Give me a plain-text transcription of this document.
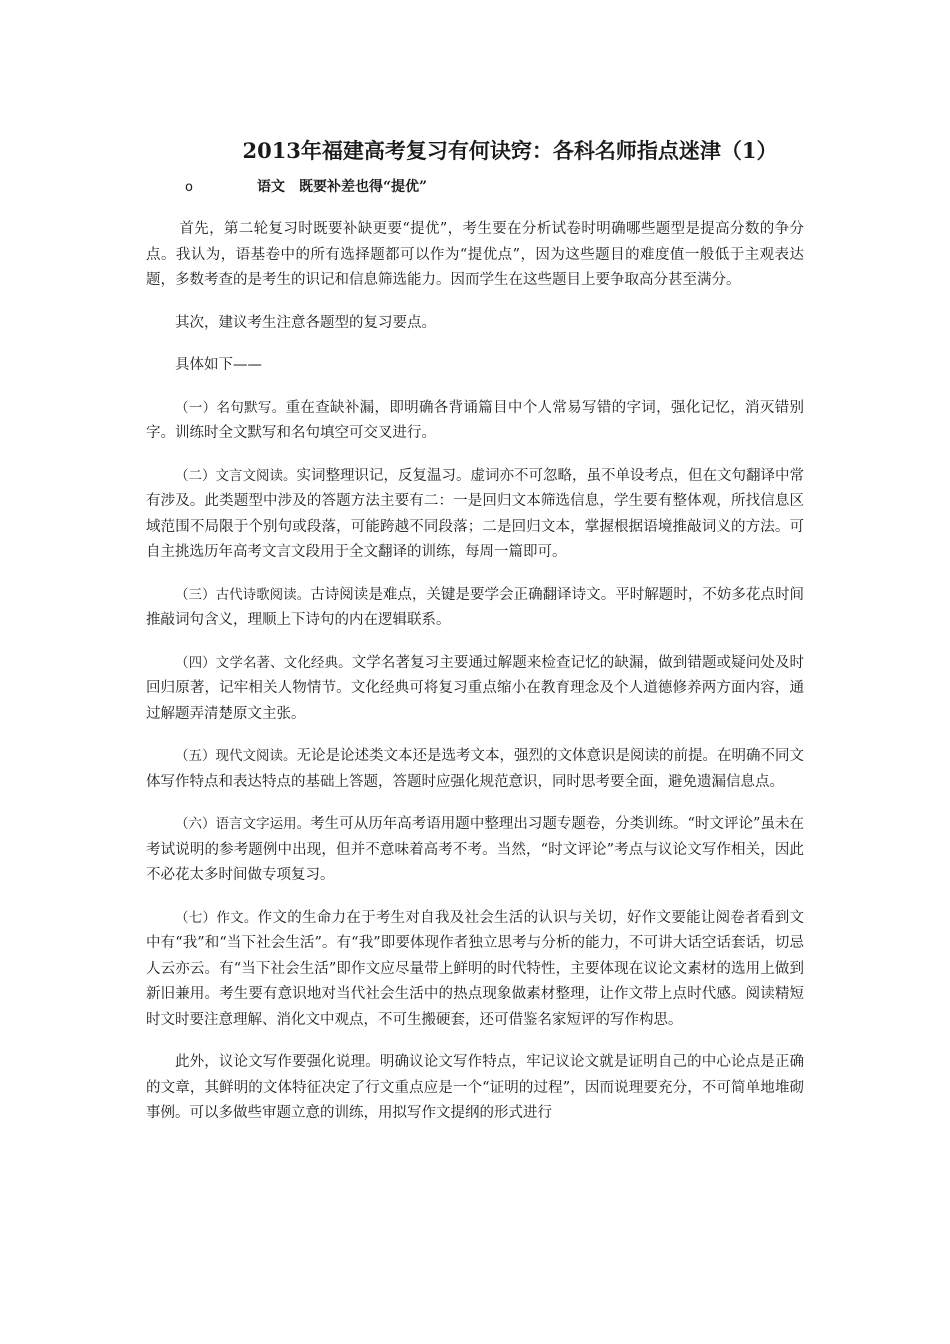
2013年福建高考复习有何诀窍：各科名师指点迷津（1）
o	语文　既要补差也得“提优”

首先，第二轮复习时既要补缺更要“提优”，考生要在分析试卷时明确哪些题型是提高分数的争分点。我认为，语基卷中的所有选择题都可以作为“提优点”，因为这些题目的难度值一般低于主观表达题，多数考查的是考生的识记和信息筛选能力。因而学生在这些题目上要争取高分甚至满分。

其次，建议考生注意各题型的复习要点。

具体如下——

（一）名句默写。重在查缺补漏，即明确各背诵篇目中个人常易写错的字词，强化记忆，消灭错别字。训练时全文默写和名句填空可交叉进行。

（二）文言文阅读。实词整理识记，反复温习。虚词亦不可忽略，虽不单设考点，但在文句翻译中常有涉及。此类题型中涉及的答题方法主要有二：一是回归文本筛选信息，学生要有整体观，所找信息区域范围不局限于个别句或段落，可能跨越不同段落；二是回归文本，掌握根据语境推敲词义的方法。可自主挑选历年高考文言文段用于全文翻译的训练，每周一篇即可。

（三）古代诗歌阅读。古诗阅读是难点，关键是要学会正确翻译诗文。平时解题时，不妨多花点时间推敲词句含义，理顺上下诗句的内在逻辑联系。

（四）文学名著、文化经典。文学名著复习主要通过解题来检查记忆的缺漏，做到错题或疑问处及时回归原著，记牢相关人物情节。文化经典可将复习重点缩小在教育理念及个人道德修养两方面内容，通过解题弄清楚原文主张。

（五）现代文阅读。无论是论述类文本还是选考文本，强烈的文体意识是阅读的前提。在明确不同文体写作特点和表达特点的基础上答题，答题时应强化规范意识，同时思考要全面，避免遗漏信息点。

（六）语言文字运用。考生可从历年高考语用题中整理出习题专题卷，分类训练。“时文评论”虽未在考试说明的参考题例中出现，但并不意味着高考不考。当然，“时文评论”考点与议论文写作相关，因此不必花太多时间做专项复习。

（七）作文。作文的生命力在于考生对自我及社会生活的认识与关切，好作文要能让阅卷者看到文中有“我”和“当下社会生活”。有“我”即要体现作者独立思考与分析的能力，不可讲大话空话套话，切忌人云亦云。有“当下社会生活”即作文应尽量带上鲜明的时代特性，主要体现在议论文素材的选用上做到新旧兼用。考生要有意识地对当代社会生活中的热点现象做素材整理，让作文带上点时代感。阅读精短时文时要注意理解、消化文中观点，不可生搬硬套，还可借鉴名家短评的写作构思。

此外，议论文写作要强化说理。明确议论文写作特点，牢记议论文就是证明自己的中心论点是正确的文章，其鲜明的文体特征决定了行文重点应是一个“证明的过程”，因而说理要充分，不可简单地堆砌事例。可以多做些审题立意的训练，用拟写作文提纲的形式进行
